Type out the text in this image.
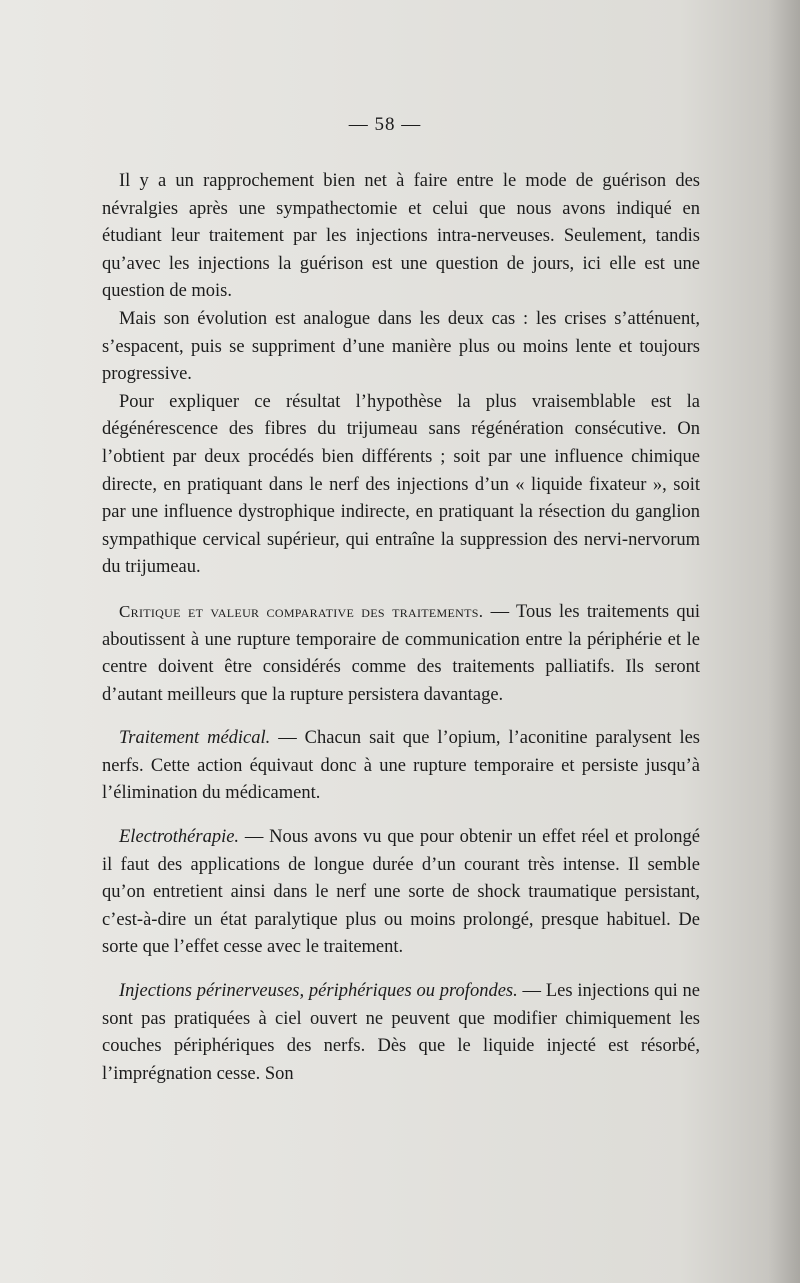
— 58 —

Il y a un rapprochement bien net à faire entre le mode de guérison des névralgies après une sympathectomie et celui que nous avons indiqué en étudiant leur traitement par les injections intra-nerveuses. Seulement, tandis qu’avec les injections la guérison est une question de jours, ici elle est une question de mois.

Mais son évolution est analogue dans les deux cas : les crises s’atténuent, s’espacent, puis se suppriment d’une manière plus ou moins lente et toujours progressive.

Pour expliquer ce résultat l’hypothèse la plus vraisemblable est la dégénérescence des fibres du trijumeau sans régénération consécutive. On l’obtient par deux procédés bien différents ; soit par une influence chimique directe, en pratiquant dans le nerf des injections d’un « liquide fixateur », soit par une influence dystrophique indirecte, en pratiquant la résection du ganglion sympathique cervical supérieur, qui entraîne la suppression des nervi-nervorum du trijumeau.

Critique et valeur comparative des traitements. — Tous les traitements qui aboutissent à une rupture temporaire de communication entre la périphérie et le centre doivent être considérés comme des traitements palliatifs. Ils seront d’autant meilleurs que la rupture persistera davantage.

Traitement médical. — Chacun sait que l’opium, l’aconitine paralysent les nerfs. Cette action équivaut donc à une rupture temporaire et persiste jusqu’à l’élimination du médicament.

Electrothérapie. — Nous avons vu que pour obtenir un effet réel et prolongé il faut des applications de longue durée d’un courant très intense. Il semble qu’on entretient ainsi dans le nerf une sorte de shock traumatique persistant, c’est-à-dire un état paralytique plus ou moins prolongé, presque habituel. De sorte que l’effet cesse avec le traitement.

Injections périnerveuses, périphériques ou profondes. — Les injections qui ne sont pas pratiquées à ciel ouvert ne peuvent que modifier chimiquement les couches périphériques des nerfs. Dès que le liquide injecté est résorbé, l’imprégnation cesse. Son
